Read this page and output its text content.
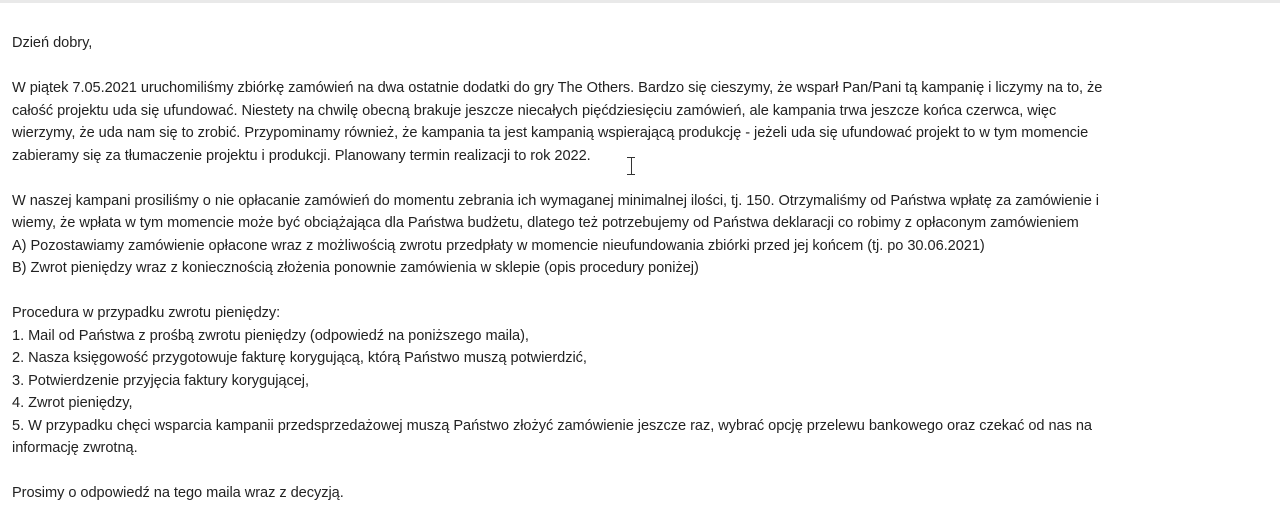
Dzień dobry,

W piątek 7.05.2021 uruchomiliśmy zbiórkę zamówień na dwa ostatnie dodatki do gry The Others. Bardzo się cieszymy, że wsparł Pan/Pani tą kampanię i liczymy na to, że

całość projektu uda się ufundować. Niestety na chwilę obecną brakuje jeszcze niecałych pięćdziesięciu zamówień, ale kampania trwa jeszcze końca czerwca, więc

wierzymy, że uda nam się to zrobić. Przypominamy również, że kampania ta jest kampanią wspierającą produkcję - jeżeli uda się ufundować projekt to w tym momencie

zabieramy się za tłumaczenie projektu i produkcji. Planowany termin realizacji to rok 2022.

W naszej kampani prosiliśmy o nie opłacanie zamówień do momentu zebrania ich wymaganej minimalnej ilości, tj. 150. Otrzymaliśmy od Państwa wpłatę za zamówienie i

wiemy, że wpłata w tym momencie może być obciążająca dla Państwa budżetu, dlatego też potrzebujemy od Państwa deklaracji co robimy z opłaconym zamówieniem

A) Pozostawiamy zamówienie opłacone wraz z możliwością zwrotu przedpłaty w momencie nieufundowania zbiórki przed jej końcem (tj. po 30.06.2021)

B) Zwrot pieniędzy wraz z koniecznością złożenia ponownie zamówienia w sklepie (opis procedury poniżej)

Procedura w przypadku zwrotu pieniędzy:

1. Mail od Państwa z prośbą zwrotu pieniędzy (odpowiedź na poniższego maila),

2. Nasza księgowość przygotowuje fakturę korygującą, którą Państwo muszą potwierdzić,

3. Potwierdzenie przyjęcia faktury korygującej,

4. Zwrot pieniędzy,

5. W przypadku chęci wsparcia kampanii przedsprzedażowej muszą Państwo złożyć zamówienie jeszcze raz, wybrać opcję przelewu bankowego oraz czekać od nas na

informację zwrotną.

Prosimy o odpowiedź na tego maila wraz z decyzją.
